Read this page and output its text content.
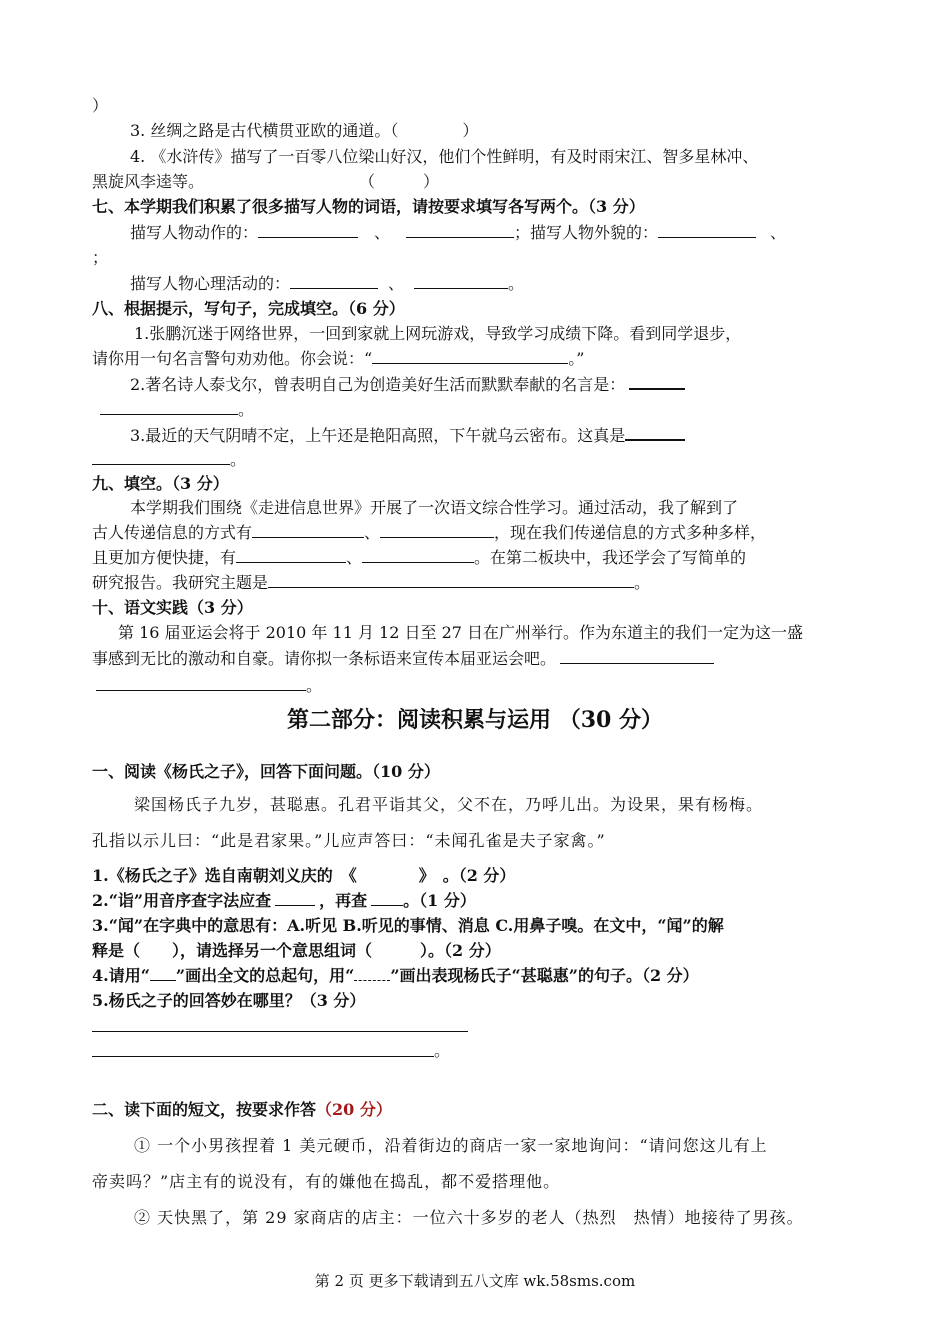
）
3. 丝绸之路是古代横贯亚欧的通道。（　　　　）
4. 《水浒传》描写了一百零八位梁山好汉，他们个性鲜明，有及时雨宋江、智多星林冲、
黑旋风李逵等。	（　　　）
七、本学期我们积累了很多描写人物的词语，请按要求填写各写两个。（3 分）
描写人物动作的：	、	；描写人物外貌的：	、
；
描写人物心理活动的：	、	。
八、根据提示，写句子，完成填空。（6 分）
1.张鹏沉迷于网络世界，一回到家就上网玩游戏，导致学习成绩下降。看到同学退步，
请你用一句名言警句劝劝他。你会说：“	。”
2.著名诗人泰戈尔，曾表明自己为创造美好生活而默默奉献的名言是：
。
3.最近的天气阴晴不定，上午还是艳阳高照，下午就乌云密布。这真是
。
九、填空。（3 分）
本学期我们围绕《走进信息世界》开展了一次语文综合性学习。通过活动，我了解到了
古人传递信息的方式有	、	，现在我们传递信息的方式多种多样，
且更加方便快捷，有	、	。在第二板块中，我还学会了写简单的
研究报告。我研究主题是	。
十、语文实践（3 分）
第 16 届亚运会将于 2010 年 11 月 12 日至 27 日在广州举行。作为东道主的我们一定为这一盛
事感到无比的激动和自豪。请你拟一条标语来宣传本届亚运会吧。
。
第二部分：阅读积累与运用 （30 分）
一、阅读《杨氏之子》，回答下面问题。（10 分）
梁国杨氏子九岁，甚聪惠。孔君平诣其父，父不在，乃呼儿出。为设果，果有杨梅。
孔指以示儿曰：“此是君家果。”儿应声答曰：“未闻孔雀是夫子家禽。”
1.《杨氏之子》选自南朝刘义庆的　《	》　。（2 分）
2.“诣”用音序查字法应查	，再查 。（1 分）
3.“闻”在字典中的意思有：A.听见 B.听见的事情、消息 C.用鼻子嗅。在文中，“闻”的解
释是（　　），请选择另一个意思组词（　　　）。（2 分）
4.请用“ ”画出全文的总起句，用“ ”画出表现杨氏子“甚聪惠”的句子。（2 分）
5.杨氏之子的回答妙在哪里？（3 分）
。
二、读下面的短文，按要求作答（20 分）
① 一个小男孩捏着 1 美元硬币，沿着街边的商店一家一家地询问：“请问您这儿有上
帝卖吗？”店主有的说没有，有的嫌他在捣乱，都不爱搭理他。
② 天快黑了，第 29 家商店的店主：一位六十多岁的老人（热烈　热情）地接待了男孩。
第 2 页 更多下载请到五八文库 wk.58sms.com
